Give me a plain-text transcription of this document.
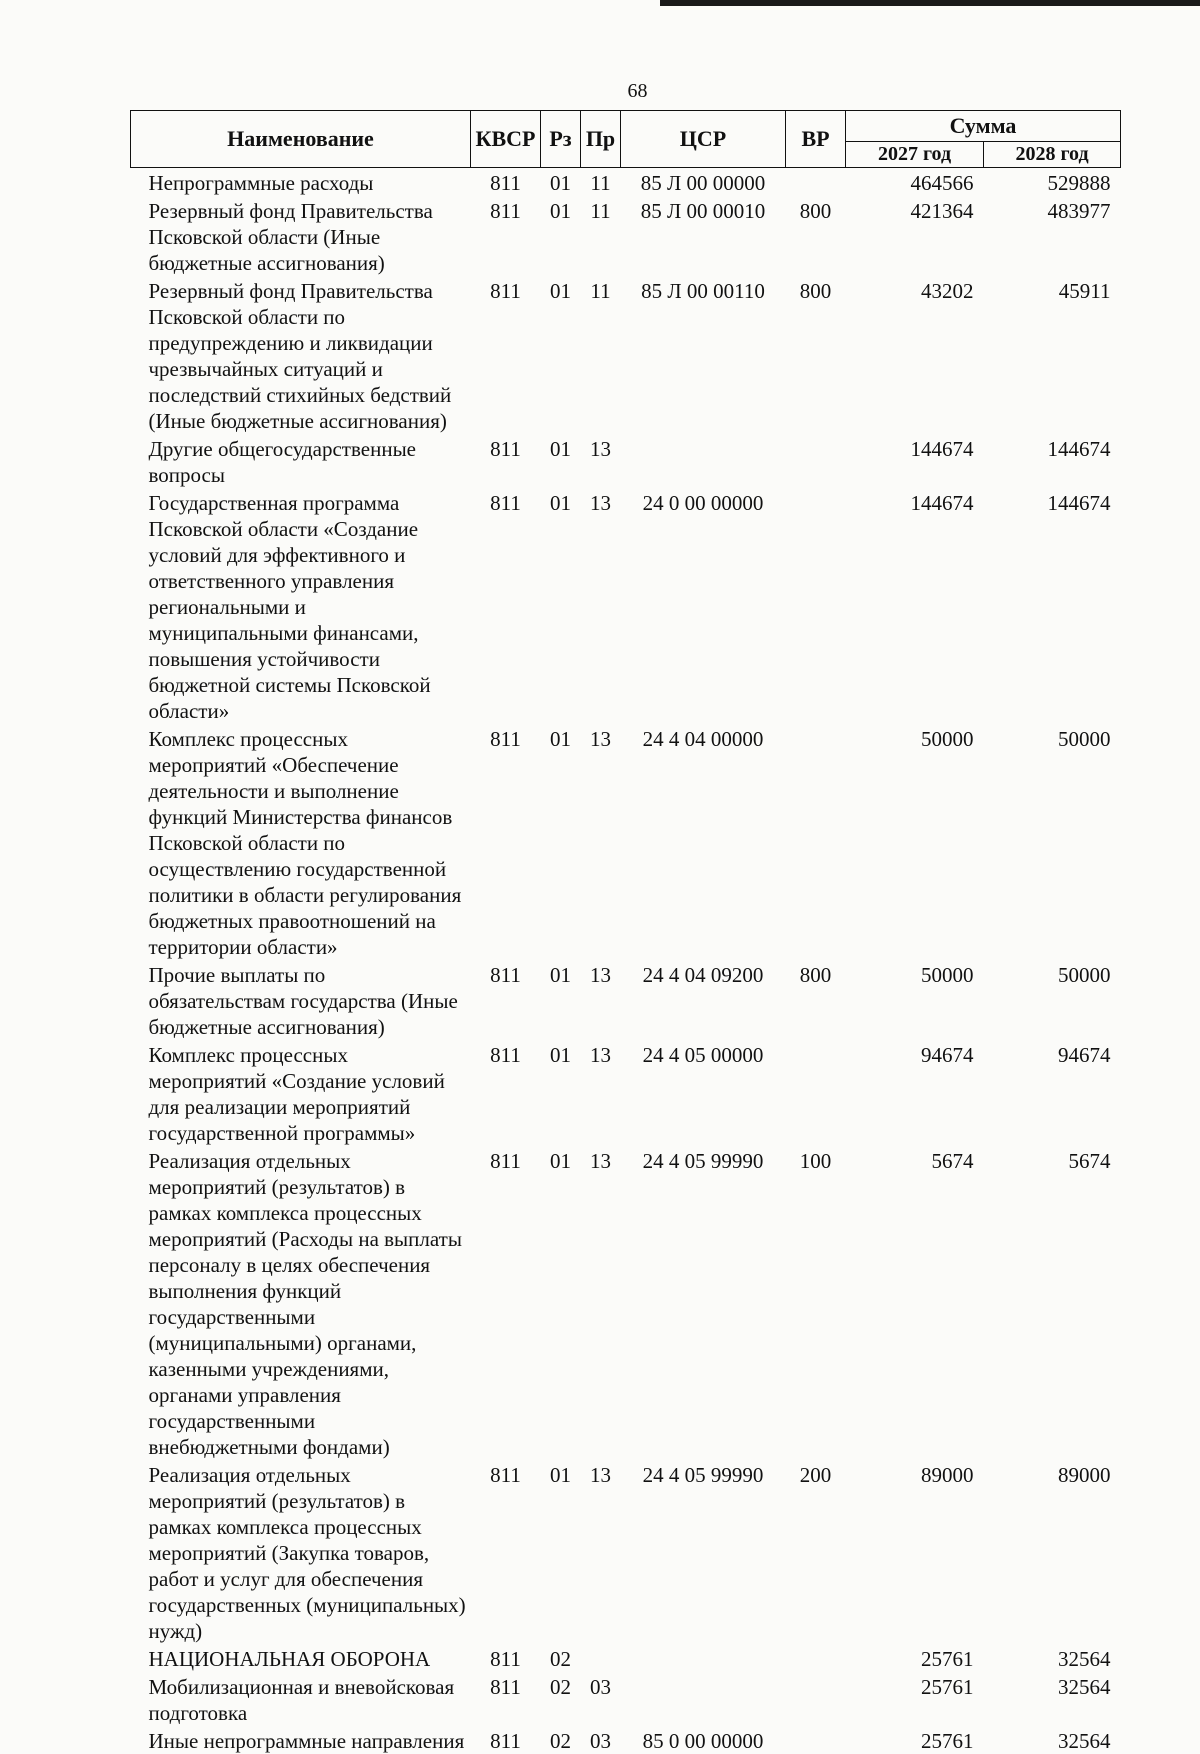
68
Наименование	КВСР	Рз	Пр	ЦСР	ВР	Сумма	
						2027 год	2028 год
Непрограммные расходы	811	01	11	85 Л 00 00000		464566	529888
Резервный фонд Правительства Псковской области (Иные бюджетные ассигнования)	811	01	11	85 Л 00 00010	800	421364	483977
Резервный фонд Правительства Псковской области по предупреждению и ликвидации чрезвычайных ситуаций и последствий стихийных бедствий (Иные бюджетные ассигнования)	811	01	11	85 Л 00 00110	800	43202	45911
Другие общегосударственные вопросы	811	01	13			144674	144674
Государственная программа Псковской области «Создание условий для эффективного и ответственного управления региональными и муниципальными финансами, повышения устойчивости бюджетной системы Псковской области»	811	01	13	24 0 00 00000		144674	144674
Комплекс процессных мероприятий «Обеспечение деятельности и выполнение функций Министерства финансов Псковской области по осуществлению государственной политики в области регулирования бюджетных правоотношений на территории области»	811	01	13	24 4 04 00000		50000	50000
Прочие выплаты по обязательствам государства (Иные бюджетные ассигнования)	811	01	13	24 4 04 09200	800	50000	50000
Комплекс процессных мероприятий «Создание условий для реализации мероприятий государственной программы»	811	01	13	24 4 05 00000		94674	94674
Реализация отдельных мероприятий (результатов) в рамках комплекса процессных мероприятий (Расходы на выплаты персоналу в целях обеспечения выполнения функций государственными (муниципальными) органами, казенными учреждениями, органами управления государственными внебюджетными фондами)	811	01	13	24 4 05 99990	100	5674	5674
Реализация отдельных мероприятий (результатов) в рамках комплекса процессных мероприятий (Закупка товаров, работ и услуг для обеспечения государственных (муниципальных) нужд)	811	01	13	24 4 05 99990	200	89000	89000
НАЦИОНАЛЬНАЯ ОБОРОНА	811	02				25761	32564
Мобилизационная и вневойсковая подготовка	811	02	03			25761	32564
Иные непрограммные направления	811	02	03	85 0 00 00000		25761	32564
